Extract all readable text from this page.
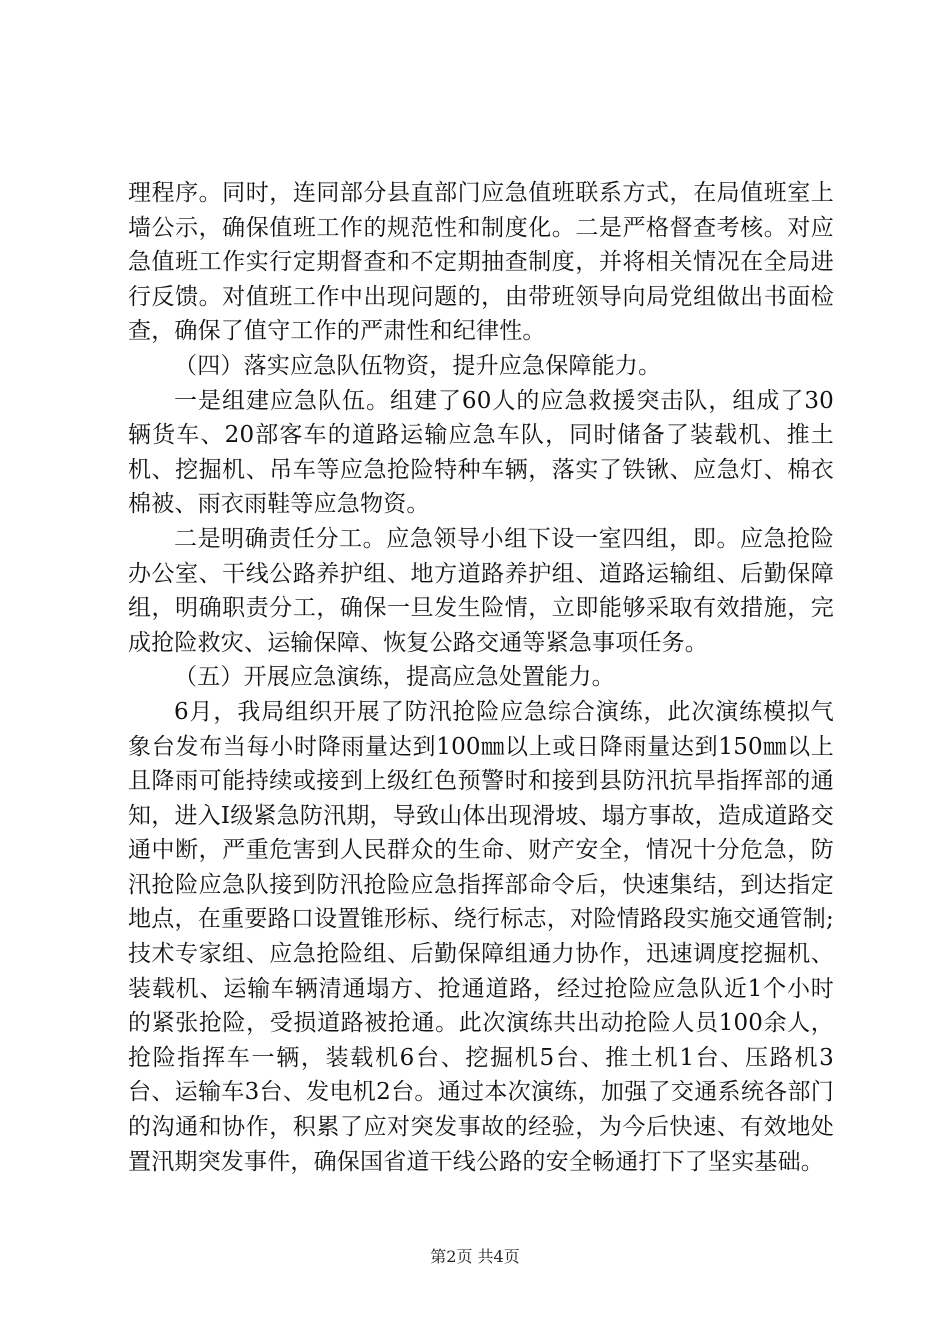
理程序。同时，连同部分县直部门应急值班联系方式，在局值班室上墙公示，确保值班工作的规范性和制度化。二是严格督查考核。对应急值班工作实行定期督查和不定期抽查制度，并将相关情况在全局进行反馈。对值班工作中出现问题的，由带班领导向局党组做出书面检查，确保了值守工作的严肃性和纪律性。

（四）落实应急队伍物资，提升应急保障能力。

一是组建应急队伍。组建了60人的应急救援突击队，组成了30辆货车、20部客车的道路运输应急车队，同时储备了装载机、推土机、挖掘机、吊车等应急抢险特种车辆，落实了铁锹、应急灯、棉衣棉被、雨衣雨鞋等应急物资。

二是明确责任分工。应急领导小组下设一室四组，即。应急抢险办公室、干线公路养护组、地方道路养护组、道路运输组、后勤保障组，明确职责分工，确保一旦发生险情，立即能够采取有效措施，完成抢险救灾、运输保障、恢复公路交通等紧急事项任务。

（五）开展应急演练，提高应急处置能力。

6月，我局组织开展了防汛抢险应急综合演练，此次演练模拟气象台发布当每小时降雨量达到100㎜以上或日降雨量达到150㎜以上且降雨可能持续或接到上级红色预警时和接到县防汛抗旱指挥部的通知，进入Ⅰ级紧急防汛期，导致山体出现滑坡、塌方事故，造成道路交通中断，严重危害到人民群众的生命、财产安全，情况十分危急，防汛抢险应急队接到防汛抢险应急指挥部命令后，快速集结，到达指定地点，在重要路口设置锥形标、绕行标志，对险情路段实施交通管制;技术专家组、应急抢险组、后勤保障组通力协作，迅速调度挖掘机、装载机、运输车辆清通塌方、抢通道路，经过抢险应急队近1个小时的紧张抢险，受损道路被抢通。此次演练共出动抢险人员100余人，抢险指挥车一辆，装载机6台、挖掘机5台、推土机1台、压路机3台、运输车3台、发电机2台。通过本次演练，加强了交通系统各部门的沟通和协作，积累了应对突发事故的经验，为今后快速、有效地处置汛期突发事件，确保国省道干线公路的安全畅通打下了坚实基础。

第2页 共4页
